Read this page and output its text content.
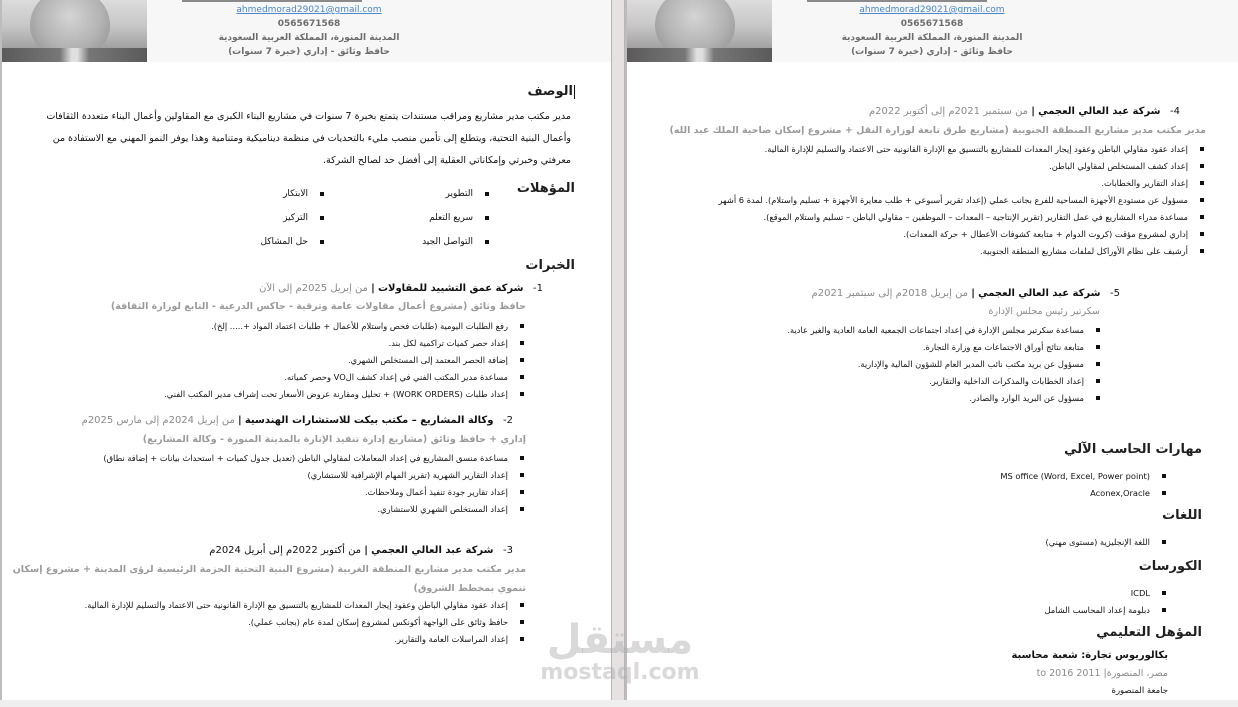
ahmedmorad29021@gmail.com
0565671568
المدينة المنورة، المملكة العربية السعودية
حافظ وثائق - إداري (خبرة 7 سنوات)
الوصف
مدير مكتب مدير مشاريع ومراقب مستندات يتمتع بخبرة 7 سنوات في مشاريع البناء الكبرى مع المقاولين وأعمال البناء متعددة الثقافات وأعمال البنية التحتية، ويتطلع إلى تأمين منصب مليء بالتحديات في منظمة ديناميكية ومتنامية وهذا يوفر النمو المهني مع الاستفادة من معرفتي وخبرتي وإمكاناتي العقلية إلى أفضل حد لصالح الشركة.
المؤهلات
التطوير
سريع التعلم
التواصل الجيد
الابتكار
التركيز
حل المشاكل
الخبرات
1-   شركة عمق التشييد للمقاولات | من إبريل 2025م إلى الآن
حافظ وثائق (مشروع أعمال مقاولات عامة وترقية - جاكس الدرعية - التابع لوزارة الثقافة)
رفع الطلبات اليومية (طلبات فحص واستلام للأعمال + طلبات اعتماد المواد +..... إلخ).
إعداد حصر كميات تراكمية لكل بند.
إضافة الحصر المعتمد إلى المستخلص الشهري.
مساعدة مدير المكتب الفني في إعداد كشف الVO وحصر كمياته.
إعداد طلبات (WORK ORDERS) + تحليل ومقارنة عروض الأسعار تحت إشراف مدير المكتب الفني.
2-   وكالة المشاريع – مكتب بيكت للاستشارات الهندسية | من إبريل 2024م إلى مارس 2025م
إداري + حافظ وثائق (مشاريع إدارة تنفيذ الإنارة بالمدينة المنورة - وكالة المشاريع)
مساعدة منسق المشاريع في إعداد المعاملات لمقاولي الباطن (تعديل جدول كميات + استحداث بيانات + إضافة نطاق)
إعداد التقارير الشهرية (تقرير المهام الإشرافية للاستشاري)
إعداد تقارير جودة تنفيذ أعمال وملاحظات.
إعداد المستخلص الشهري للاستشاري.
3-   شركة عبد العالي العجمي | من أكتوبر 2022م إلى أبريل 2024م
مدير مكتب مدير مشاريع المنطقة الغربية (مشروع البنية التحتية الحزمة الرئيسية لرؤى المدينة + مشروع إسكان تنموي بمخطط الشروق)
إعداد عقود مقاولي الباطن وعقود إيجار المعدات للمشاريع بالتنسيق مع الإدارة القانونية حتى الاعتماد والتسليم للإدارة المالية.
حافظ وثائق على الواجهة أكونكس لمشروع إسكان لمدة عام (بجانب عملي).
إعداد المراسلات العامة والتقارير.
ahmedmorad29021@gmail.com
0565671568
المدينة المنورة، المملكة العربية السعودية
حافظ وثائق - إداري (خبرة 7 سنوات)
4-   شركة عبد العالي العجمي | من سبتمبر 2021م إلى أكتوبر 2022م
مدير مكتب مدير مشاريع المنطقة الجنوبية (مشاريع طرق تابعة لوزارة النقل + مشروع إسكان ضاحية الملك عبد الله)
إعداد عقود مقاولي الباطن وعقود إيجار المعدات للمشاريع بالتنسيق مع الإدارة القانونية حتى الاعتماد والتسليم للإدارة المالية.
إعداد كشف المستخلص لمقاولي الباطن.
إعداد التقارير والخطابات.
مسؤول عن مستودع الأجهزة المساحية للفرع بجانب عملي (إعداد تقرير أسبوعي + طلب معايرة الأجهزة + تسليم واستلام). لمدة 6 أشهر
مساعدة مدراء المشاريع في عمل التقارير (تقرير الإنتاجية – المعدات – الموظفين – مقاولي الباطن – تسليم واستلام الموقع).
إداري لمشروع مؤقت (كروت الدوام + متابعة كشوفات الأعطال + حركة المعدات).
أرشيف على نظام الأوراكل لملفات مشاريع المنطقة الجنوبية.
5-   شركة عبد العالي العجمي | من إبريل 2018م إلى سبتمبر 2021م
سكرتير رئيس مجلس الإدارة
مساعدة سكرتير مجلس الإدارة في إعداد اجتماعات الجمعية العامة العادية والغير عادية.
متابعة نتائج أوراق الاجتماعات مع وزارة التجارة.
مسؤول عن بريد مكتب نائب المدير العام للشؤون المالية والإدارية.
إعداد الخطابات والمذكرات الداخلية والتقارير.
مسؤول عن البريد الوارد والصادر.
مهارات الحاسب الآلي
MS office (Word, Excel, Power point)
Aconex,Oracle
اللغات
اللغة الإنجليزية (مستوى مهني)
الكورسات
ICDL
دبلومة إعداد المحاسب الشامل
المؤهل التعليمي
بكالوريوس تجارة: شعبة محاسبة
مصر، المنصورة| 2011 to 2016
جامعة المنصورة
مستقل
mostaql.com
